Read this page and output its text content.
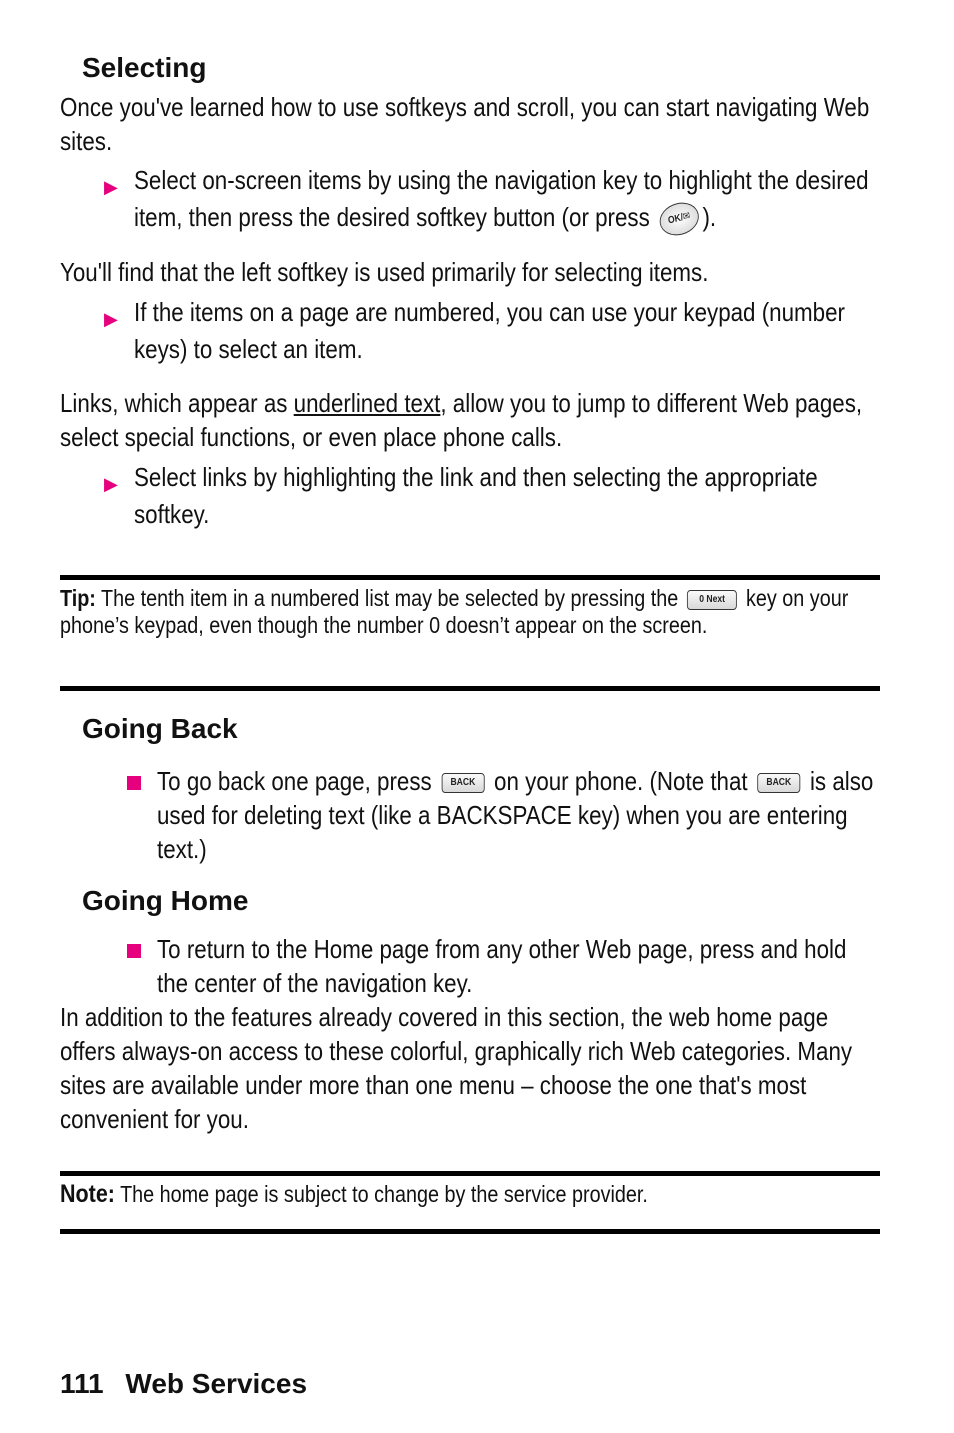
Selecting
Once you've learned how to use softkeys and scroll, you can start navigating Web sites.
▶ Select on-screen items by using the navigation key to highlight the desired item, then press the desired softkey button (or press OK/✉ ).
You'll find that the left softkey is used primarily for selecting items.
▶ If the items on a page are numbered, you can use your keypad (number keys) to select an item.
Links, which appear as underlined text, allow you to jump to different Web pages, select special functions, or even place phone calls.
▶ Select links by highlighting the link and then selecting the appropriate softkey.
Tip: The tenth item in a numbered list may be selected by pressing the 0 Next key on your phone’s keypad, even though the number 0 doesn’t appear on the screen.
Going Back
To go back one page, press BACK on your phone. (Note that BACK is also used for deleting text (like a BACKSPACE key) when you are entering text.)
Going Home
To return to the Home page from any other Web page, press and hold the center of the navigation key.
In addition to the features already covered in this section, the web home page offers always-on access to these colorful, graphically rich Web categories. Many sites are available under more than one menu – choose the one that's most convenient for you.
Note: The home page is subject to change by the service provider.
111 Web Services
